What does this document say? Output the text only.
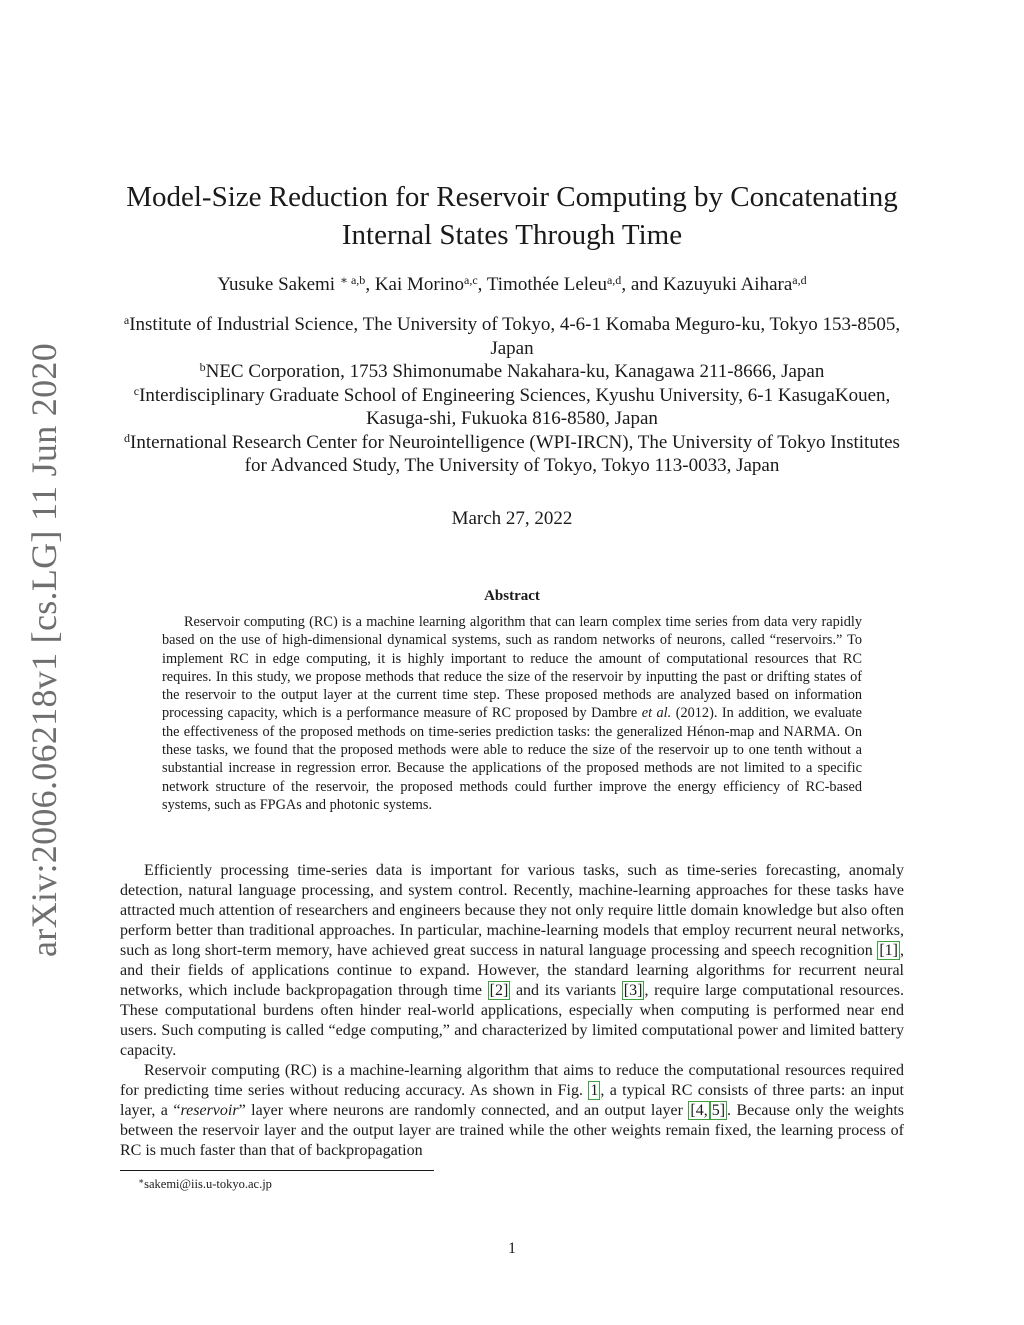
arXiv:2006.06218v1 [cs.LG] 11 Jun 2020
Model-Size Reduction for Reservoir Computing by Concatenating
Internal States Through Time
Yusuke Sakemi $^{∗ a,b}$, Kai Morino$^{a,c}$, Timothée Leleu$^{a,d}$, and Kazuyuki Aihara$^{a,d}$
$^a$Institute of Industrial Science, The University of Tokyo, 4-6-1 Komaba Meguro-ku, Tokyo 153-8505, Japan
$^b$NEC Corporation, 1753 Shimonumabe Nakahara-ku, Kanagawa 211-8666, Japan
$^c$Interdisciplinary Graduate School of Engineering Sciences, Kyushu University, 6-1 KasugaKouen, Kasuga-shi, Fukuoka 816-8580, Japan
$^d$International Research Center for Neurointelligence (WPI-IRCN), The University of Tokyo Institutes for Advanced Study, The University of Tokyo, Tokyo 113-0033, Japan
March 27, 2022
Abstract

Reservoir computing (RC) is a machine learning algorithm that can learn complex time series from data very rapidly based on the use of high-dimensional dynamical systems, such as random networks of neurons, called “reservoirs.” To implement RC in edge computing, it is highly important to reduce the amount of computational resources that RC requires. In this study, we propose methods that reduce the size of the reservoir by inputting the past or drifting states of the reservoir to the output layer at the current time step. These proposed methods are analyzed based on information processing capacity, which is a performance measure of RC proposed by Dambre et al. (2012). In addition, we evaluate the effectiveness of the proposed methods on time-series prediction tasks: the generalized Hénon-map and NARMA. On these tasks, we found that the proposed methods were able to reduce the size of the reservoir up to one tenth without a substantial increase in regression error. Because the applications of the proposed methods are not limited to a specific network structure of the reservoir, the proposed methods could further improve the energy efficiency of RC-based systems, such as FPGAs and photonic systems.

Efficiently processing time-series data is important for various tasks, such as time-series forecasting, anomaly detection, natural language processing, and system control. Recently, machine-learning approaches for these tasks have attracted much attention of researchers and engineers because they not only require little domain knowledge but also often perform better than traditional approaches. In particular, machine-learning models that employ recurrent neural networks, such as long short-term memory, have achieved great success in natural language processing and speech recognition [1] , and their fields of applications continue to expand. However, the standard learning algorithms for recurrent neural networks, which include backpropagation through time [2] and its variants [3] , require large computational resources. These computational burdens often hinder real-world applications, especially when computing is performed near end users. Such computing is called “edge computing,” and characterized by limited computational power and limited battery capacity.

Reservoir computing (RC) is a machine-learning algorithm that aims to reduce the computational resources required for predicting time series without reducing accuracy. As shown in Fig. 1 , a typical RC consists of three parts: an input layer, a “reservoir” layer where neurons are randomly connected, and an output layer [4, 5] . Because only the weights between the reservoir layer and the output layer are trained while the other weights remain fixed, the learning process of RC is much faster than that of backpropagation

∗sakemi@iis.u-tokyo.ac.jp
1
